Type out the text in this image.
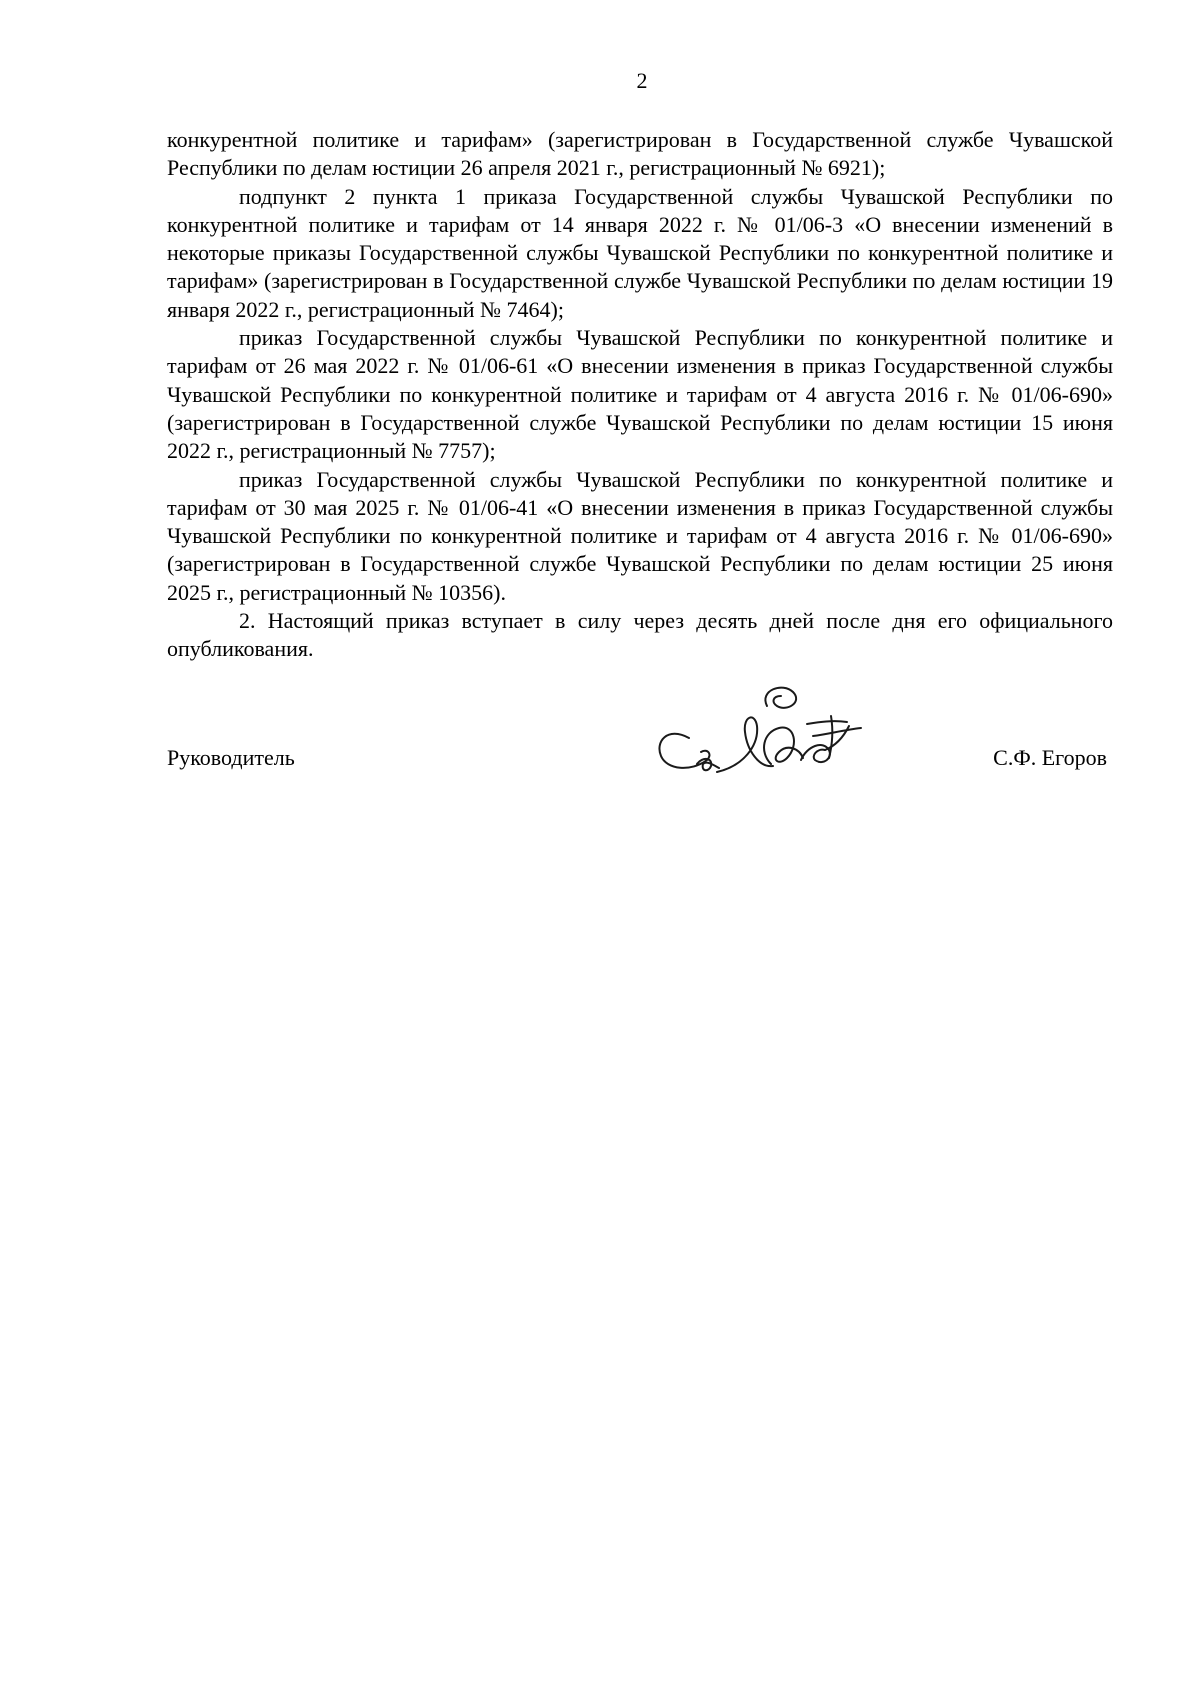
2

конкурентной политике и тарифам» (зарегистрирован в Государственной службе Чувашской Республики по делам юстиции 26 апреля 2021 г., регистрационный № 6921);

подпункт 2 пункта 1 приказа Государственной службы Чувашской Республики по конкурентной политике и тарифам от 14 января 2022 г. № 01/06-3 «О внесении изменений в некоторые приказы Государственной службы Чувашской Республики по конкурентной политике и тарифам» (зарегистрирован в Государственной службе Чувашской Республики по делам юстиции 19 января 2022 г., регистрационный № 7464);

приказ Государственной службы Чувашской Республики по конкурентной политике и тарифам от 26 мая 2022 г. № 01/06-61 «О внесении изменения в приказ Государственной службы Чувашской Республики по конкурентной политике и тарифам от 4 августа 2016 г. № 01/06-690» (зарегистрирован в Государственной службе Чувашской Республики по делам юстиции 15 июня 2022 г., регистрационный № 7757);

приказ Государственной службы Чувашской Республики по конкурентной политике и тарифам от 30 мая 2025 г. № 01/06-41 «О внесении изменения в приказ Государственной службы Чувашской Республики по конкурентной политике и тарифам от 4 августа 2016 г. № 01/06-690» (зарегистрирован в Государственной службе Чувашской Республики по делам юстиции 25 июня 2025 г., регистрационный № 10356).

2. Настоящий приказ вступает в силу через десять дней после дня его официального опубликования.

Руководитель	С.Ф. Егоров
